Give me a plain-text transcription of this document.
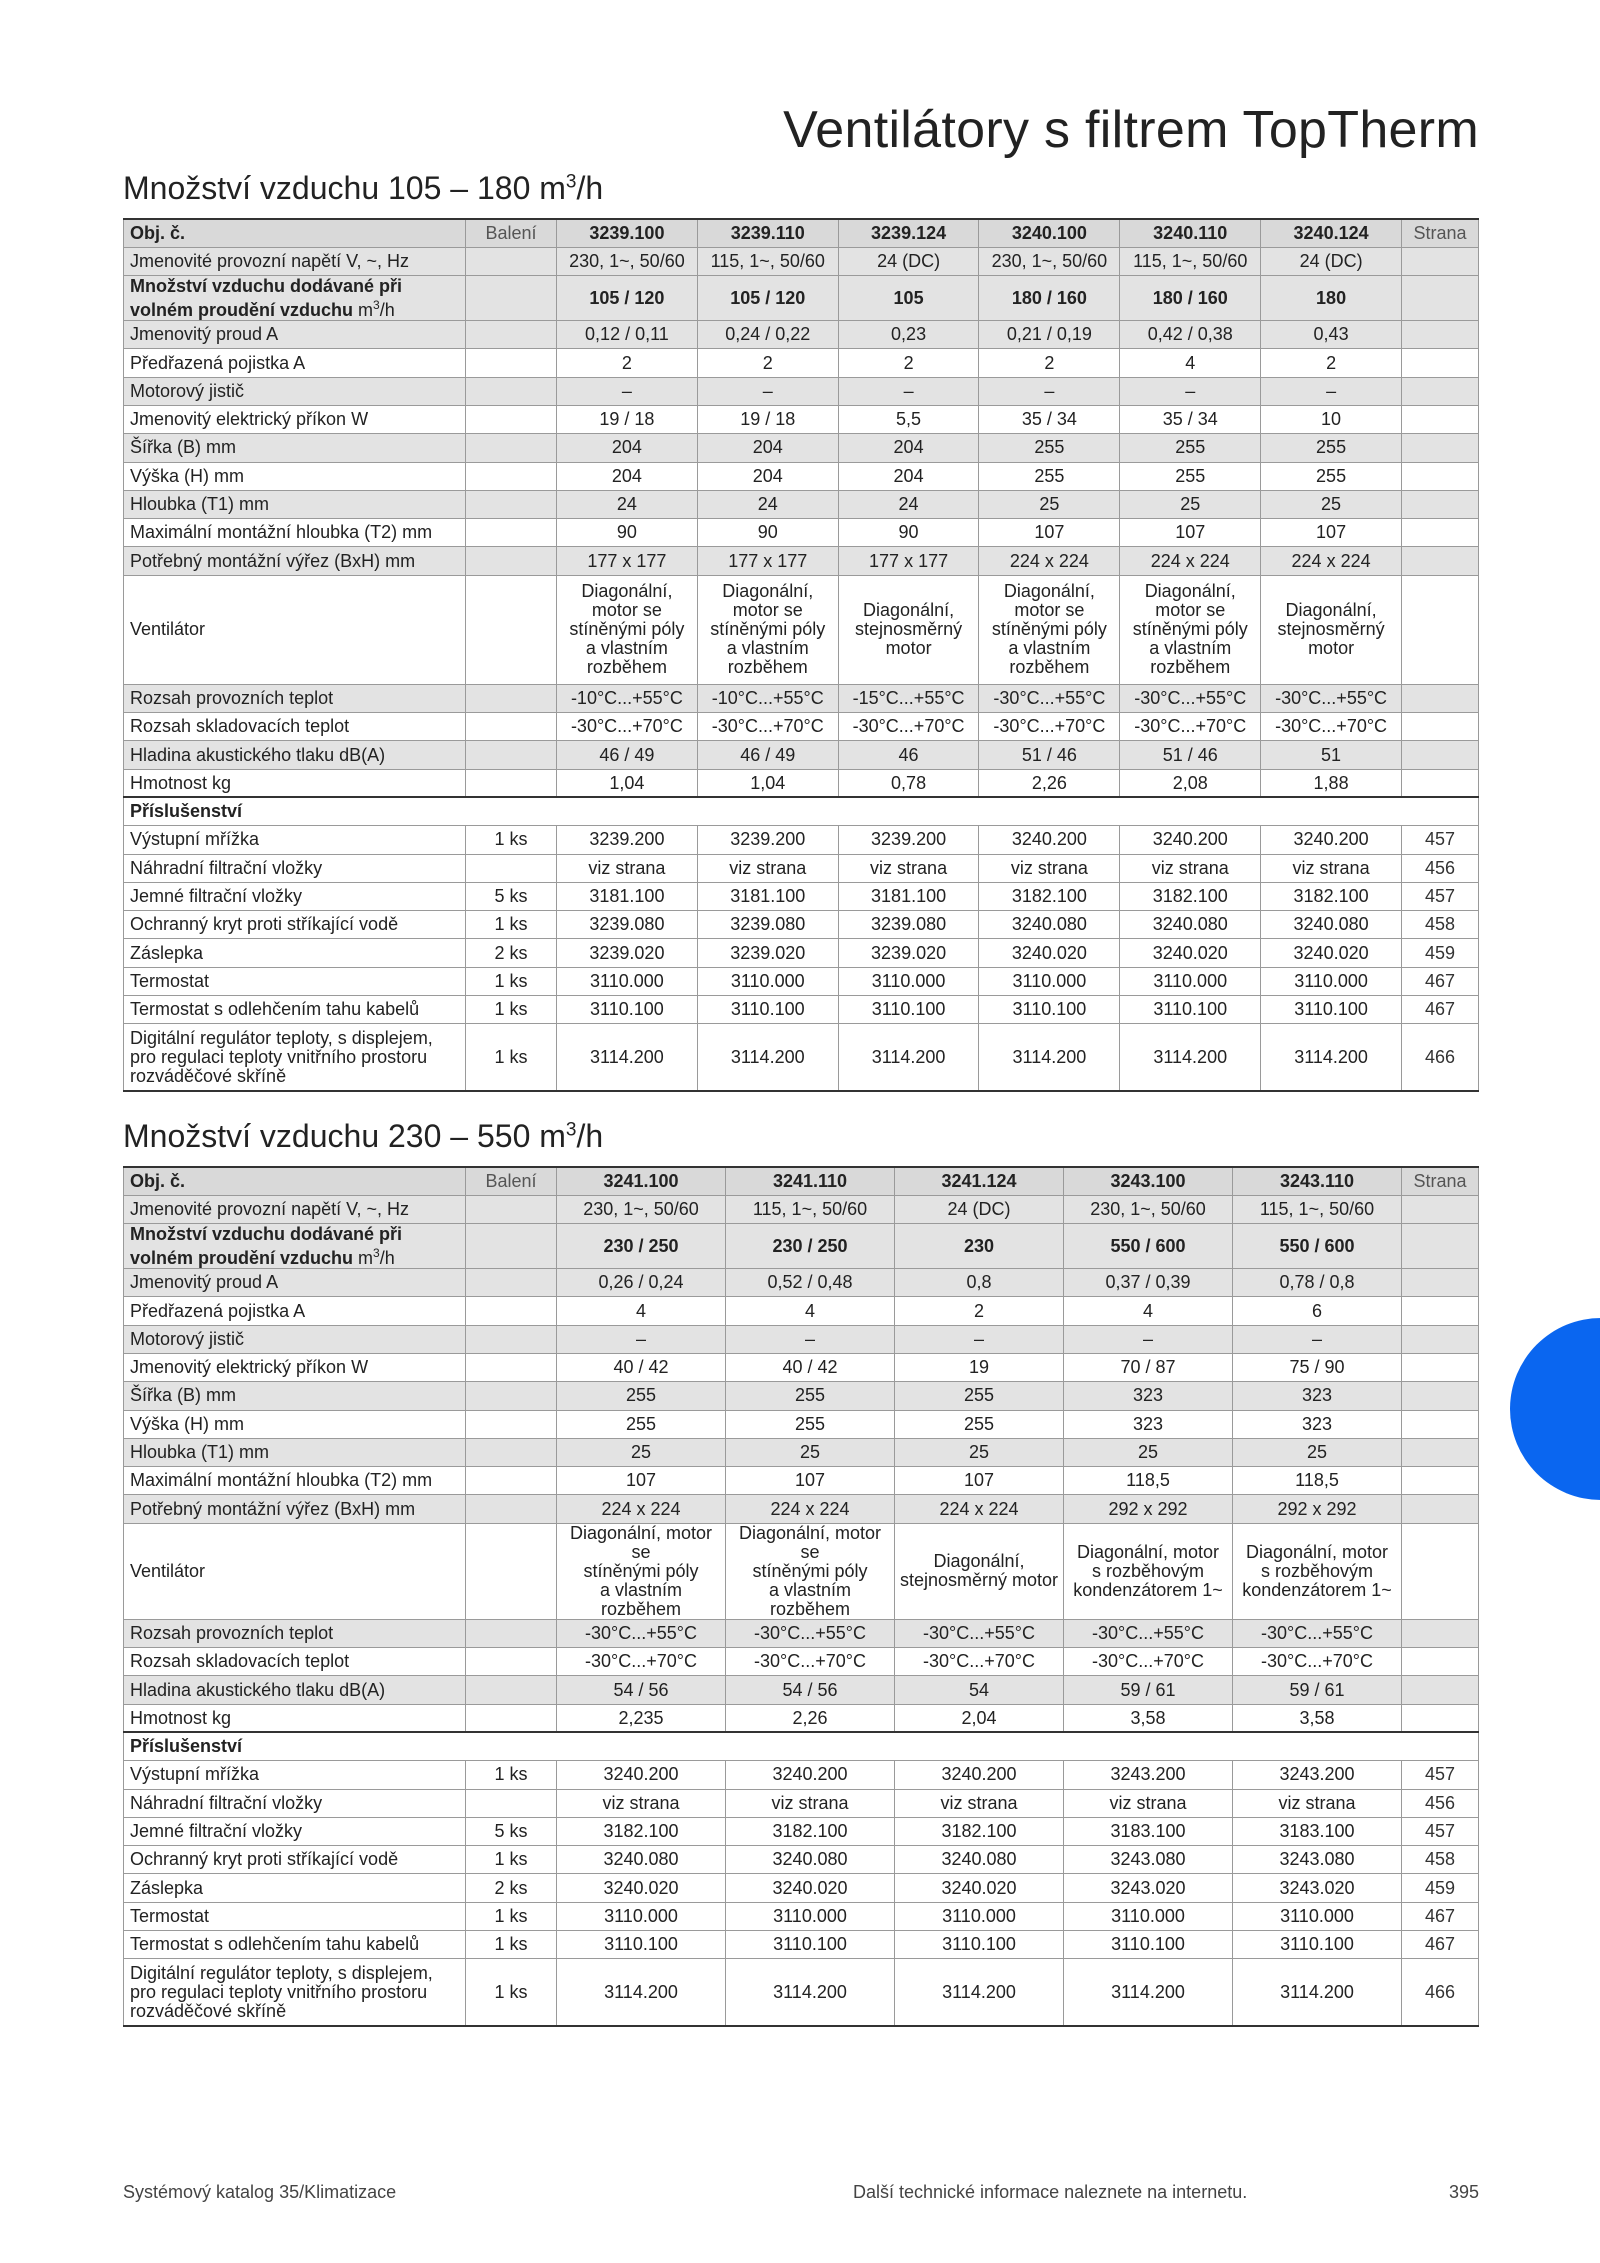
Ventilátory s filtrem TopTherm
Množství vzduchu 105 – 180 $m^3/h$
Obj. č.	Balení	3239.100	3239.110	3239.124	3240.100	3240.110	3240.124	Strana
Jmenovité provozní napětí V, ~, Hz		230, 1~, 50/60	115, 1~, 50/60	24 (DC)	230, 1~, 50/60	115, 1~, 50/60	24 (DC)	
Množství vzduchu dodávané při volném proudění vzduchu $m^3/h$		105 / 120	105 / 120	105	180 / 160	180 / 160	180	
Jmenovitý proud A		0,12 / 0,11	0,24 / 0,22	0,23	0,21 / 0,19	0,42 / 0,38	0,43	
Předřazená pojistka A		2	2	2	2	4	2	
Motorový jistič		–	–	–	–	–	–	
Jmenovitý elektrický příkon W		19 / 18	19 / 18	5,5	35 / 34	35 / 34	10	
Šířka (B) mm		204	204	204	255	255	255	
Výška (H) mm		204	204	204	255	255	255	
Hloubka (T1) mm		24	24	24	25	25	25	
Maximální montážní hloubka (T2) mm		90	90	90	107	107	107	
Potřebný montážní výřez (BxH) mm		177 x 177	177 x 177	177 x 177	224 x 224	224 x 224	224 x 224	
Ventilátor		Diagonální,
motor se
stíněnými póly
a vlastním
rozběhem	Diagonální,
motor se
stíněnými póly
a vlastním
rozběhem	Diagonální,
stejnosměrný
motor	Diagonální,
motor se
stíněnými póly
a vlastním
rozběhem	Diagonální,
motor se
stíněnými póly
a vlastním
rozběhem	Diagonální,
stejnosměrný
motor	
Rozsah provozních teplot		-10°C...+55°C	-10°C...+55°C	-15°C...+55°C	-30°C...+55°C	-30°C...+55°C	-30°C...+55°C	
Rozsah skladovacích teplot		-30°C...+70°C	-30°C...+70°C	-30°C...+70°C	-30°C...+70°C	-30°C...+70°C	-30°C...+70°C	
Hladina akustického tlaku dB(A)		46 / 49	46 / 49	46	51 / 46	51 / 46	51	
Hmotnost kg		1,04	1,04	0,78	2,26	2,08	1,88	
Příslušenství								
Výstupní mřížka	1 ks	3239.200	3239.200	3239.200	3240.200	3240.200	3240.200	457
Náhradní filtrační vložky		viz strana	viz strana	viz strana	viz strana	viz strana	viz strana	456
Jemné filtrační vložky	5 ks	3181.100	3181.100	3181.100	3182.100	3182.100	3182.100	457
Ochranný kryt proti stříkající vodě	1 ks	3239.080	3239.080	3239.080	3240.080	3240.080	3240.080	458
Záslepka	2 ks	3239.020	3239.020	3239.020	3240.020	3240.020	3240.020	459
Termostat	1 ks	3110.000	3110.000	3110.000	3110.000	3110.000	3110.000	467
Termostat s odlehčením tahu kabelů	1 ks	3110.100	3110.100	3110.100	3110.100	3110.100	3110.100	467
Digitální regulátor teploty, s displejem,
pro regulaci teploty vnitřního prostoru
rozváděčové skříně	1 ks	3114.200	3114.200	3114.200	3114.200	3114.200	3114.200	466
Množství vzduchu 230 – 550 $m^3/h$
Obj. č.	Balení	3241.100	3241.110	3241.124	3243.100	3243.110	Strana
Jmenovité provozní napětí V, ~, Hz		230, 1~, 50/60	115, 1~, 50/60	24 (DC)	230, 1~, 50/60	115, 1~, 50/60	
Množství vzduchu dodávané při volném proudění vzduchu $m^3/h$		230 / 250	230 / 250	230	550 / 600	550 / 600	
Jmenovitý proud A		0,26 / 0,24	0,52 / 0,48	0,8	0,37 / 0,39	0,78 / 0,8	
Předřazená pojistka A		4	4	2	4	6	
Motorový jistič		–	–	–	–	–	
Jmenovitý elektrický příkon W		40 / 42	40 / 42	19	70 / 87	75 / 90	
Šířka (B) mm		255	255	255	323	323	
Výška (H) mm		255	255	255	323	323	
Hloubka (T1) mm		25	25	25	25	25	
Maximální montážní hloubka (T2) mm		107	107	107	118,5	118,5	
Potřebný montážní výřez (BxH) mm		224 x 224	224 x 224	224 x 224	292 x 292	292 x 292	
Ventilátor		Diagonální, motor se
stíněnými póly
a vlastním rozběhem	Diagonální, motor se
stíněnými póly
a vlastním rozběhem	Diagonální,
stejnosměrný motor	Diagonální, motor
s rozběhovým
kondenzátorem 1~	Diagonální, motor
s rozběhovým
kondenzátorem 1~	
Rozsah provozních teplot		-30°C...+55°C	-30°C...+55°C	-30°C...+55°C	-30°C...+55°C	-30°C...+55°C	
Rozsah skladovacích teplot		-30°C...+70°C	-30°C...+70°C	-30°C...+70°C	-30°C...+70°C	-30°C...+70°C	
Hladina akustického tlaku dB(A)		54 / 56	54 / 56	54	59 / 61	59 / 61	
Hmotnost kg		2,235	2,26	2,04	3,58	3,58	
Příslušenství							
Výstupní mřížka	1 ks	3240.200	3240.200	3240.200	3243.200	3243.200	457
Náhradní filtrační vložky		viz strana	viz strana	viz strana	viz strana	viz strana	456
Jemné filtrační vložky	5 ks	3182.100	3182.100	3182.100	3183.100	3183.100	457
Ochranný kryt proti stříkající vodě	1 ks	3240.080	3240.080	3240.080	3243.080	3243.080	458
Záslepka	2 ks	3240.020	3240.020	3240.020	3243.020	3243.020	459
Termostat	1 ks	3110.000	3110.000	3110.000	3110.000	3110.000	467
Termostat s odlehčením tahu kabelů	1 ks	3110.100	3110.100	3110.100	3110.100	3110.100	467
Digitální regulátor teploty, s displejem,
pro regulaci teploty vnitřního prostoru
rozváděčové skříně	1 ks	3114.200	3114.200	3114.200	3114.200	3114.200	466

Systémový katalog 35/Klimatizace	Další technické informace naleznete na internetu.	395
